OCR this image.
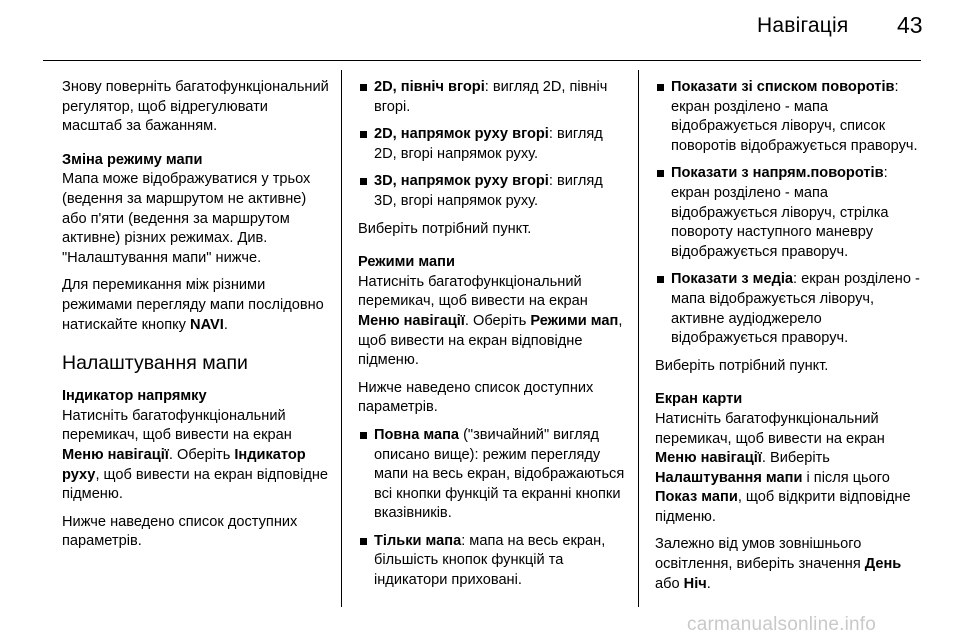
Навігація 43

Знову поверніть багатофункціональний регулятор, щоб відрегулювати масштаб за бажанням.

Зміна режиму мапи

Мапа може відображуватися у трьох (ведення за маршрутом не активне) або п'яти (ведення за маршрутом активне) різних режимах. Див. "Налаштування мапи" нижче.

Для перемикання між різними режимами перегляду мапи послідовно натискайте кнопку NAVI.

Налаштування мапи
Індикатор напрямку

Натисніть багатофункціональний перемикач, щоб вивести на екран Меню навігації. Оберіть Індикатор руху, щоб вивести на екран відповідне підменю.

Нижче наведено список доступних параметрів.

2D, північ вгорі: вигляд 2D, північ вгорі.
2D, напрямок руху вгорі: вигляд 2D, вгорі напрямок руху.
3D, напрямок руху вгорі: вигляд 3D, вгорі напрямок руху.

Виберіть потрібний пункт.

Режими мапи

Натисніть багатофункціональний перемикач, щоб вивести на екран Меню навігації. Оберіть Режими мап, щоб вивести на екран відповідне підменю.

Нижче наведено список доступних параметрів.

Повна мапа ("звичайний" вигляд описано вище): режим перегляду мапи на весь екран, відображаються всі кнопки функцій та екранні кнопки вказівників.
Тільки мапа: мапа на весь екран, більшість кнопок функцій та індикатори приховані.
Показати зі списком поворотів: екран розділено - мапа відображується ліворуч, список поворотів відображується праворуч.
Показати з напрям.поворотів: екран розділено - мапа відображується ліворуч, стрілка повороту наступного маневру відображується праворуч.
Показати з медіа: екран розділено - мапа відображується ліворуч, активне аудіоджерело відображується праворуч.

Виберіть потрібний пункт.

Екран карти

Натисніть багатофункціональний перемикач, щоб вивести на екран Меню навігації. Виберіть Налаштування мапи і після цього Показ мапи, щоб відкрити відповідне підменю.

Залежно від умов зовнішнього освітлення, виберіть значення День або Ніч.

carmanualsonline.info
